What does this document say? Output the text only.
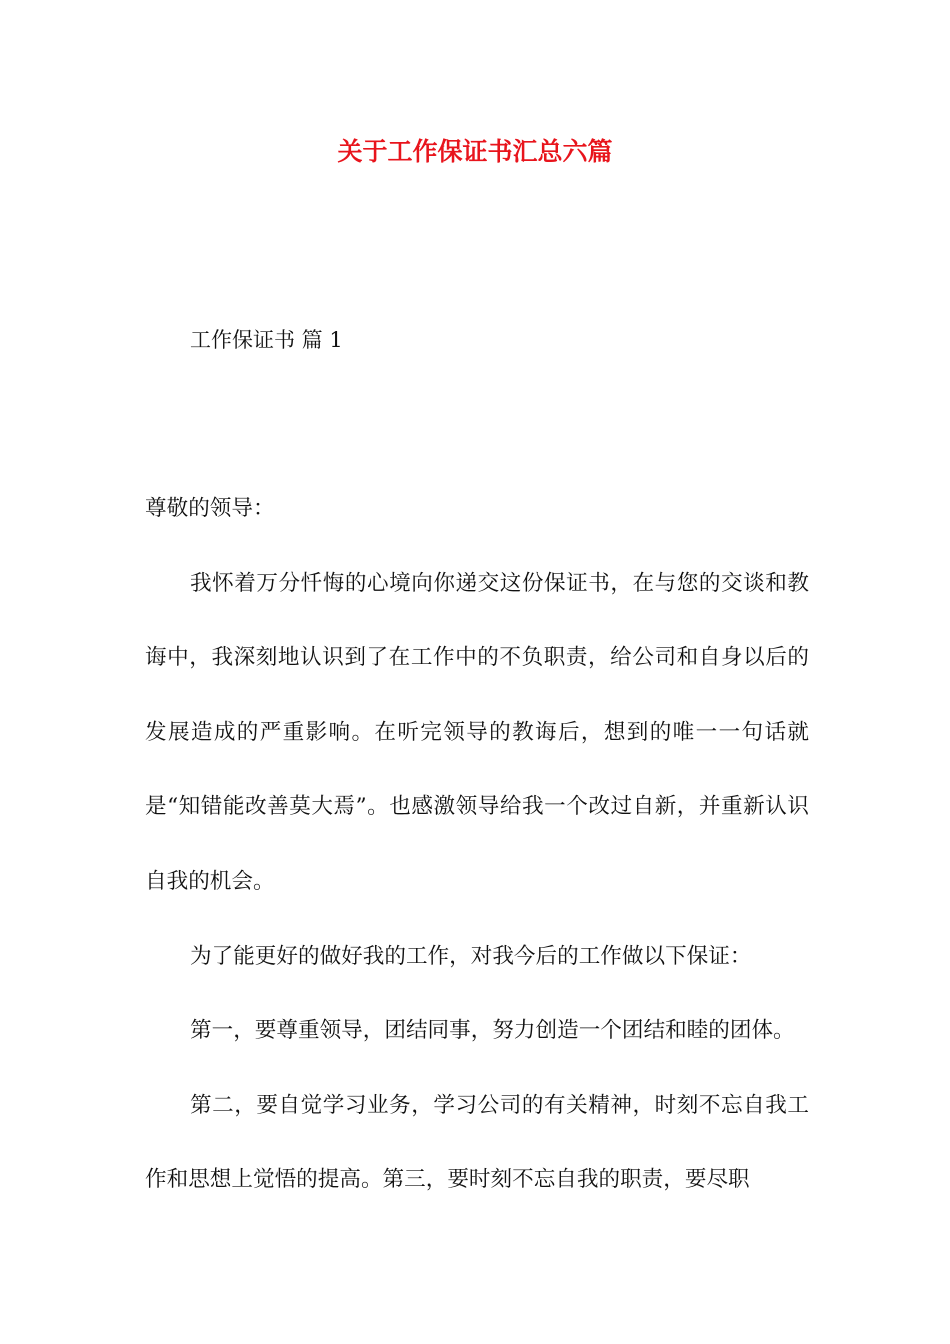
关于工作保证书汇总六篇
工作保证书 篇 1

尊敬的领导：

我怀着万分忏悔的心境向你递交这份保证书，在与您的交谈和教诲中，我深刻地认识到了在工作中的不负职责，给公司和自身以后的发展造成的严重影响。在听完领导的教诲后，想到的唯一一句话就是“知错能改善莫大焉”。也感激领导给我一个改过自新，并重新认识自我的机会。

为了能更好的做好我的工作，对我今后的工作做以下保证：

第一，要尊重领导，团结同事，努力创造一个团结和睦的团体。

第二，要自觉学习业务，学习公司的有关精神，时刻不忘自我工作和思想上觉悟的提高。第三，要时刻不忘自我的职责，要尽职
